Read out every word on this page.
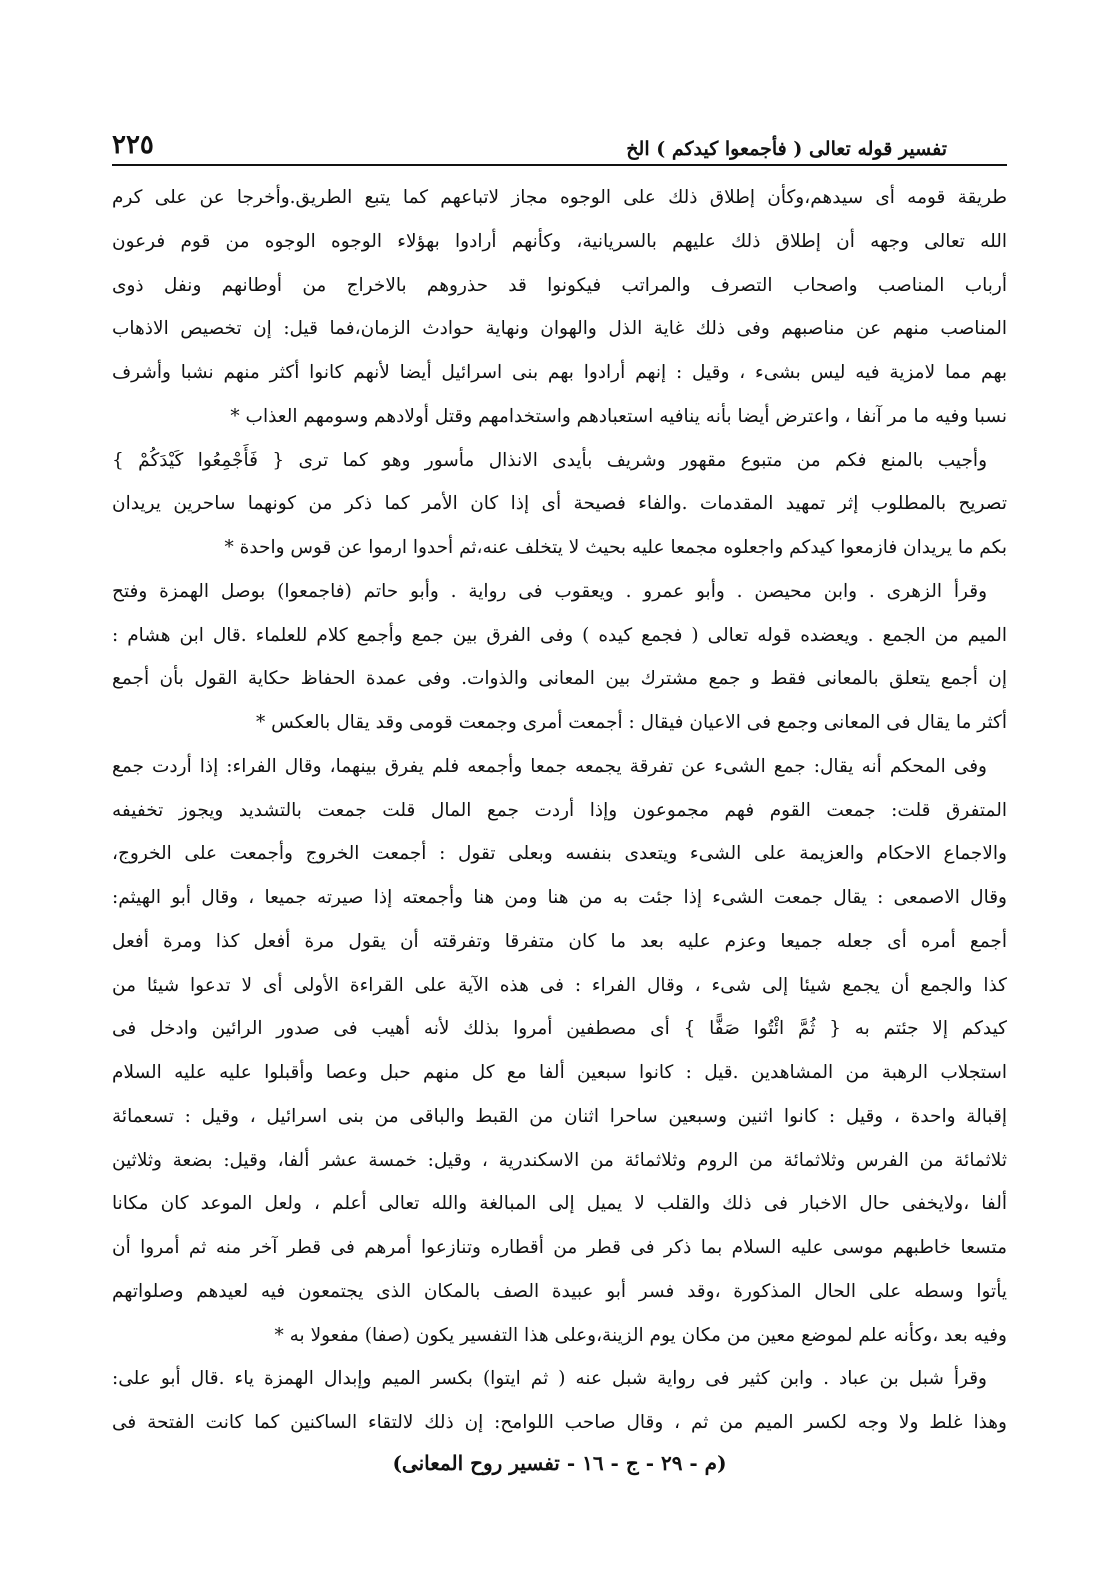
تفسير قوله تعالى ( فأجمعوا كيدكم ) الخ
٢٢٥
طريقة قومه أى سيدهم،وكأن إطلاق ذلك على الوجوه مجاز لاتباعهم كما يتبع الطريق.وأخرجا عن على كرم
الله تعالى وجهه أن إطلاق ذلك عليهم بالسريانية، وكأنهم أرادوا بهؤلاء الوجوه الوجوه من قوم فرعون
أرباب المناصب واصحاب التصرف والمراتب فيكونوا قد حذروهم بالاخراج من أوطانهم ونفل ذوى
المناصب منهم عن مناصبهم وفى ذلك غاية الذل والهوان ونهاية حوادث الزمان،فما قيل: إن تخصيص الاذهاب
بهم مما لامزية فيه ليس بشىء ، وقيل : إنهم أرادوا بهم بنى اسرائيل أيضا لأنهم كانوا أكثر منهم نشبا وأشرف
نسبا وفيه ما مر آنفا ، واعترض أيضا بأنه ينافيه استعبادهم واستخدامهم وقتل أولادهم وسومهم العذاب *
وأجيب بالمنع فكم من متبوع مقهور وشريف بأيدى الانذال مأسور وهو كما ترى { فَأَجْمِعُوا كَيْدَكُمْ }
تصريح بالمطلوب إثر تمهيد المقدمات .والفاء فصيحة أى إذا كان الأمر كما ذكر من كونهما ساحرين يريدان
بكم ما يريدان فازمعوا كيدكم واجعلوه مجمعا عليه بحيث لا يتخلف عنه،ثم أحدوا ارموا عن قوس واحدة *
وقرأ الزهرى . وابن محيصن . وأبو عمرو . ويعقوب فى رواية . وأبو حاتم (فاجمعوا) بوصل الهمزة وفتح
الميم من الجمع . ويعضده قوله تعالى ( فجمع كيده ) وفى الفرق بين جمع وأجمع كلام للعلماء .قال ابن هشام :
إن أجمع يتعلق بالمعانى فقط و جمع مشترك بين المعانى والذوات. وفى عمدة الحفاظ حكاية القول بأن أجمع
أكثر ما يقال فى المعانى وجمع فى الاعيان فيقال : أجمعت أمرى وجمعت قومى وقد يقال بالعكس *
وفى المحكم أنه يقال: جمع الشىء عن تفرقة يجمعه جمعا وأجمعه فلم يفرق بينهما، وقال الفراء: إذا أردت جمع
المتفرق قلت: جمعت القوم فهم مجموعون وإذا أردت جمع المال قلت جمعت بالتشديد ويجوز تخفيفه
والاجماع الاحكام والعزيمة على الشىء ويتعدى بنفسه وبعلى تقول : أجمعت الخروج وأجمعت على الخروج،
وقال الاصمعى : يقال جمعت الشىء إذا جئت به من هنا ومن هنا وأجمعته إذا صيرته جميعا ، وقال أبو الهيثم:
أجمع أمره أى جعله جميعا وعزم عليه بعد ما كان متفرقا وتفرقته أن يقول مرة أفعل كذا ومرة أفعل
كذا والجمع أن يجمع شيئا إلى شىء ، وقال الفراء : فى هذه الآية على القراءة الأولى أى لا تدعوا شيئا من
كيدكم إلا جئتم به { ثُمَّ ائْتُوا صَفًّا } أى مصطفين أمروا بذلك لأنه أهيب فى صدور الرائين وادخل فى
استجلاب الرهبة من المشاهدين .قيل : كانوا سبعين ألفا مع كل منهم حبل وعصا وأقبلوا عليه عليه السلام
إقبالة واحدة ، وقيل : كانوا اثنين وسبعين ساحرا اثنان من القبط والباقى من بنى اسرائيل ، وقيل : تسعمائة
ثلاثمائة من الفرس وثلاثمائة من الروم وثلاثمائة من الاسكندرية ، وقيل: خمسة عشر ألفا، وقيل: بضعة وثلاثين
ألفا ،ولايخفى حال الاخبار فى ذلك والقلب لا يميل إلى المبالغة والله تعالى أعلم ، ولعل الموعد كان مكانا
متسعا خاطبهم موسى عليه السلام بما ذكر فى قطر من أقطاره وتنازعوا أمرهم فى قطر آخر منه ثم أمروا أن
يأتوا وسطه على الحال المذكورة ،وقد فسر أبو عبيدة الصف بالمكان الذى يجتمعون فيه لعيدهم وصلواتهم
وفيه بعد ،وكأنه علم لموضع معين من مكان يوم الزينة،وعلى هذا التفسير يكون (صفا) مفعولا به *
وقرأ شبل بن عباد . وابن كثير فى رواية شبل عنه ( ثم ايتوا) بكسر الميم وإبدال الهمزة ياء .قال أبو على:
وهذا غلط ولا وجه لكسر الميم من ثم ، وقال صاحب اللوامح: إن ذلك لالتقاء الساكنين كما كانت الفتحة فى
(م - ٢٩ - ج - ١٦ - تفسير روح المعانى)
